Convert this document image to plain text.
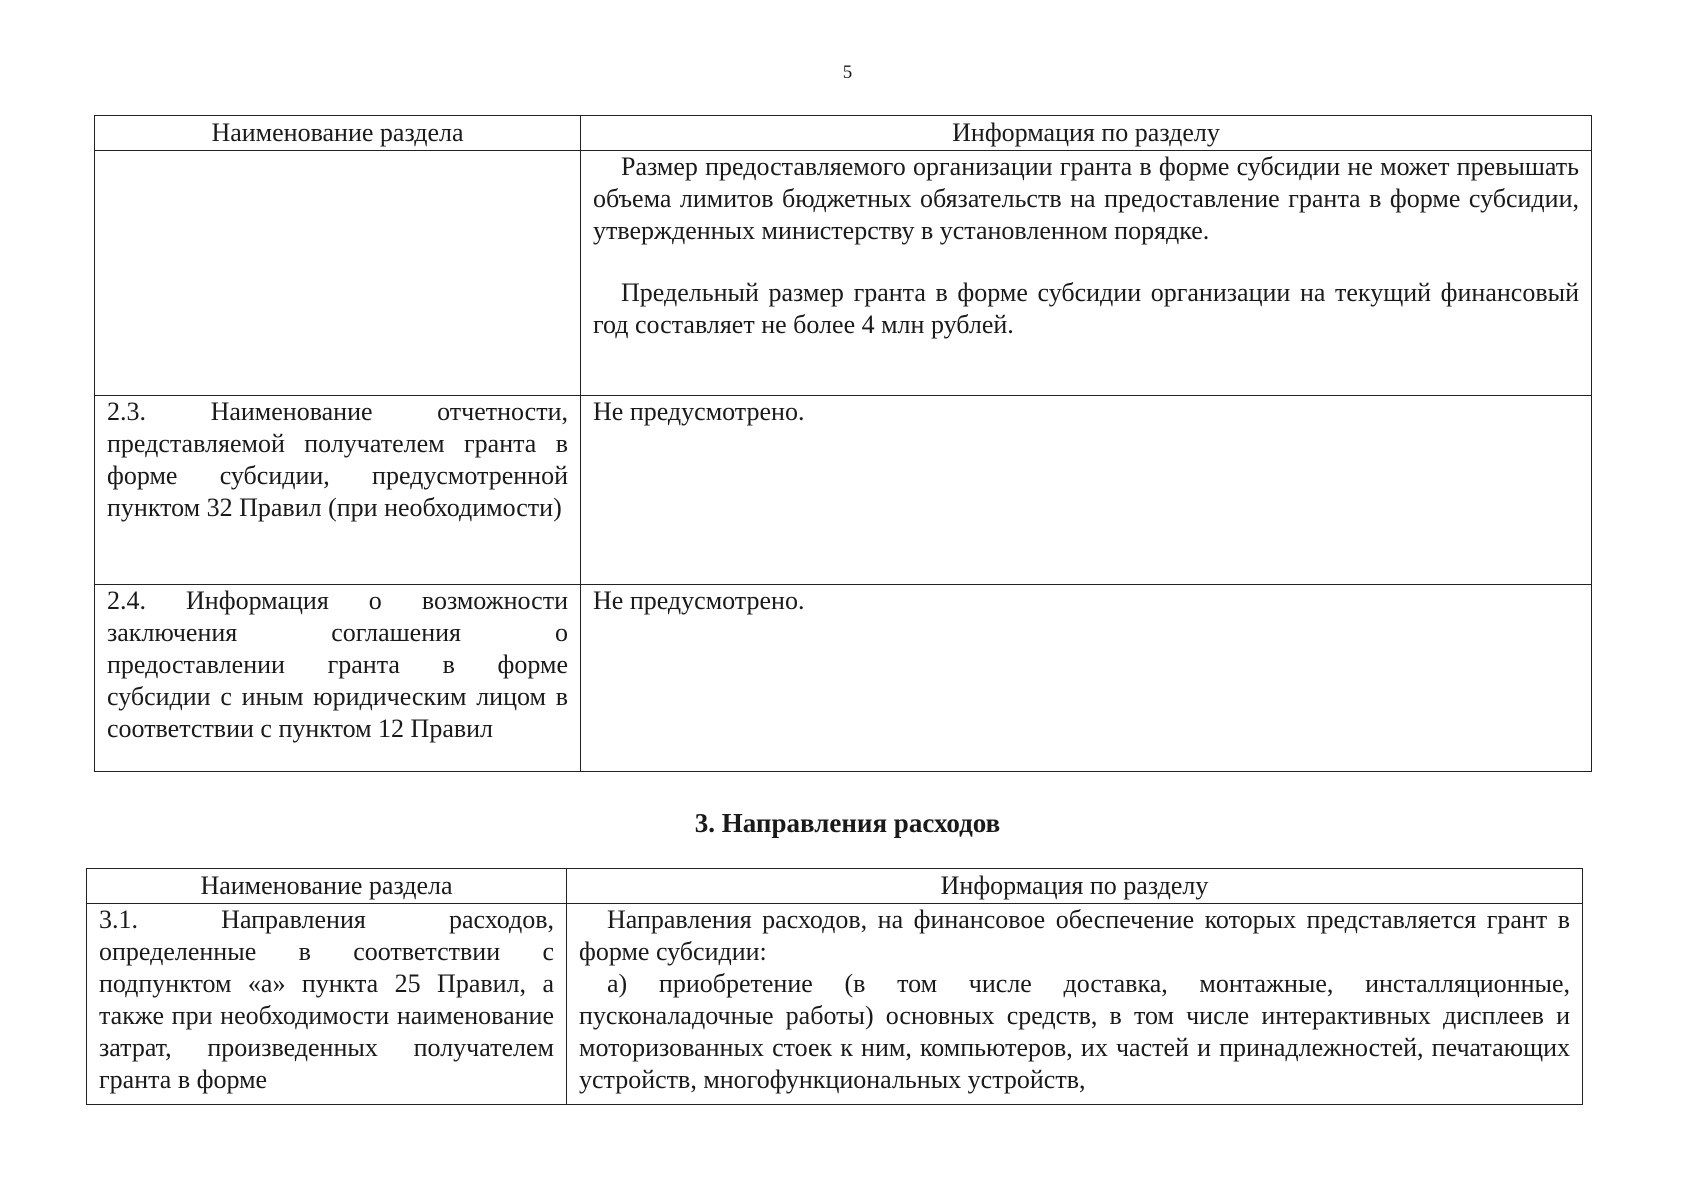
5
Наименование раздела	Информация по разделу

	Размер предоставляемого организации гранта в форме субсидии не может превышать объема лимитов бюджетных обязательств на предоставление гранта в форме субсидии, утвержденных министерству в установленном порядке.

Предельный размер гранта в форме субсидии организации на текущий финансовый год составляет не более 4 млн рублей.

2.3. Наименование отчетности, представляемой получателем гранта в форме субсидии, предусмотренной пунктом 32 Правил (при необходимости)	Не предусмотрено.
2.4. Информация о возможности заключения соглашения о предоставлении гранта в форме субсидии с иным юридическим лицом в соответствии с пунктом 12 Правил	Не предусмотрено.
3. Направления расходов
Наименование раздела	Информация по разделу
3.1. Направления расходов, определенные в соответствии с подпунктом «а» пункта 25 Правил, а также при необходимости наименование затрат, произведенных получателем гранта в форме	Направления расходов, на финансовое обеспечение которых представляется грант в форме субсидии:

а) приобретение (в том числе доставка, монтажные, инсталляционные, пусконаладочные работы) основных средств, в том числе интерактивных дисплеев и моторизованных стоек к ним, компьютеров, их частей и принадлежностей, печатающих устройств, многофункциональных устройств,
